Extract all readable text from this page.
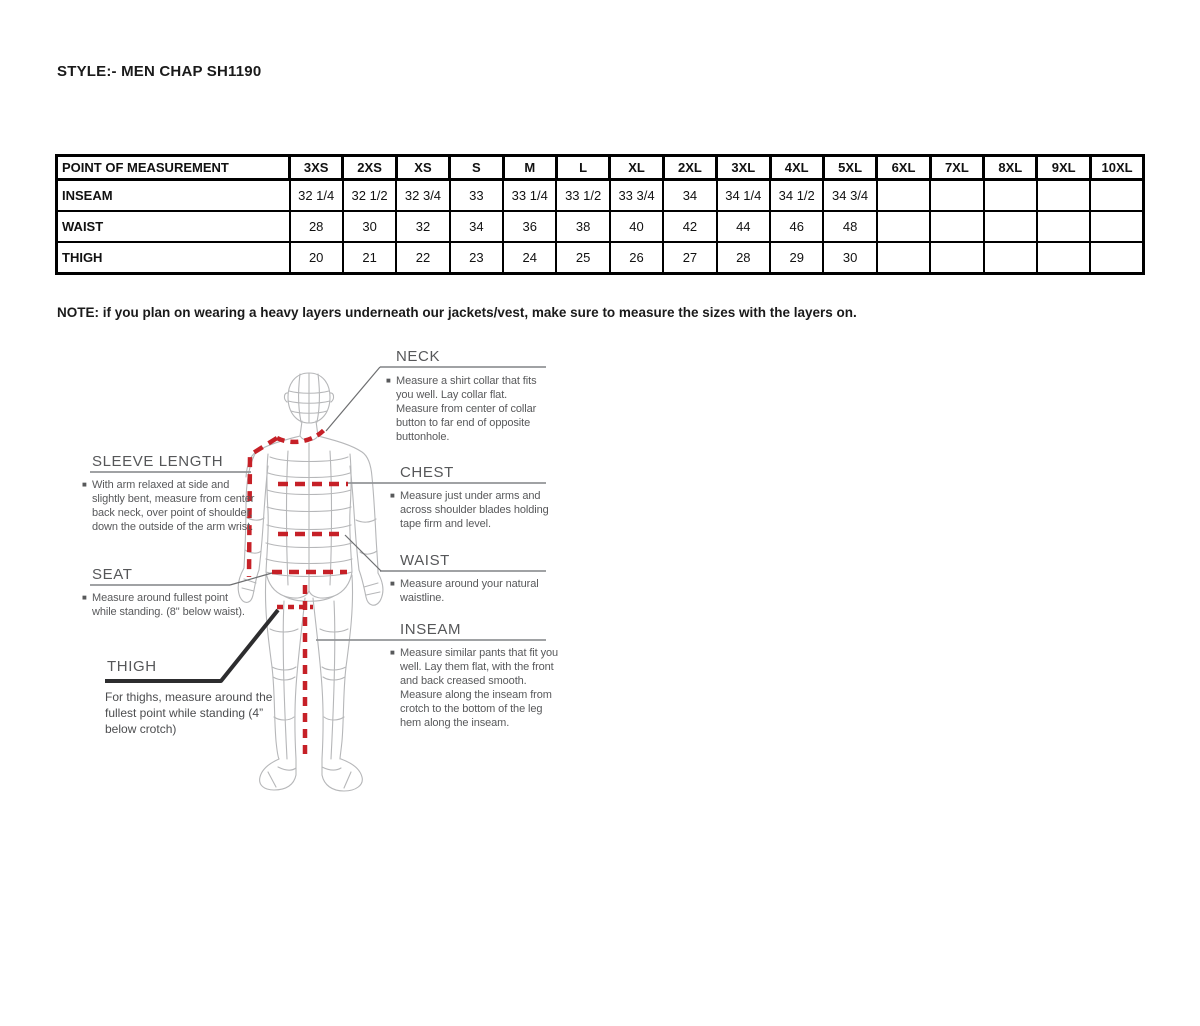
STYLE:- MEN CHAP SH1190
POINT OF MEASUREMENT	3XS	2XS	XS	S	M	L	XL	2XL	3XL	4XL	5XL	6XL	7XL	8XL	9XL	10XL
INSEAM	32 1/4	32 1/2	32 3/4	33	33 1/4	33 1/2	33 3/4	34	34 1/4	34 1/2	34 3/4					
WAIST	28	30	32	34	36	38	40	42	44	46	48					
THIGH	20	21	22	23	24	25	26	27	28	29	30					
NOTE: if you plan on wearing a heavy layers underneath our jackets/vest, make sure to measure the sizes with the layers on.
NECK
■ Measure a shirt collar that fits you well. Lay collar flat. Measure from center of collar button to far end of opposite buttonhole.
SLEEVE LENGTH
■ With arm relaxed at side and slightly bent, measure from center back neck, over point of shoulder, down the outside of the arm wrist.
CHEST
■ Measure just under arms and across shoulder blades holding tape firm and level.
WAIST
■ Measure around your natural waistline.
SEAT
■ Measure around fullest point while standing. (8" below waist).
INSEAM
■ Measure similar pants that fit you well. Lay them flat, with the front and back creased smooth. Measure along the inseam from crotch to the bottom of the leg hem along the inseam.
THIGH
For thighs, measure around the fullest point while standing (4” below crotch)
